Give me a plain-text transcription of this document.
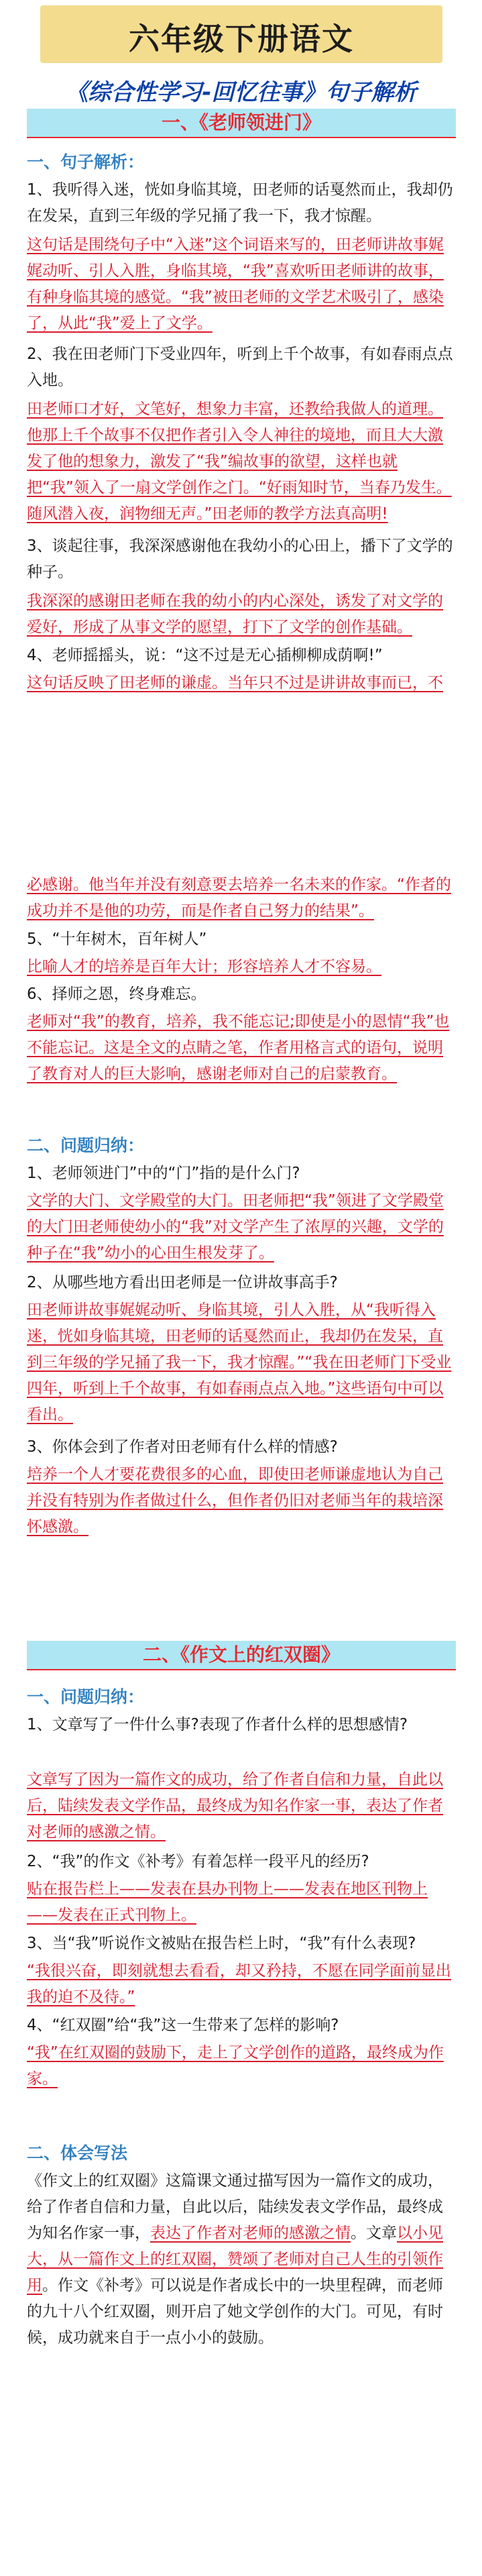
六年级下册语文
《综合性学习-回忆往事》句子解析
一、《老师领进门》
一、句子解析：
1、我听得入迷，恍如身临其境，田老师的话戛然而止，我却仍在发呆，直到三年级的学兄捅了我一下，我才惊醒。
这句话是围绕句子中“入迷”这个词语来写的，田老师讲故事娓娓动听、引人入胜，身临其境，“我”喜欢听田老师讲的故事，有种身临其境的感觉。“我”被田老师的文学艺术吸引了，感染了，从此“我”爱上了文学。
2、我在田老师门下受业四年，听到上千个故事，有如春雨点点入地。
田老师口才好，文笔好，想象力丰富，还教给我做人的道理。他那上千个故事不仅把作者引入令人神往的境地，而且大大激发了他的想象力，激发了“我”编故事的欲望，这样也就把“我”领入了一扇文学创作之门。“好雨知时节，当春乃发生。随风潜入夜，润物细无声。”田老师的教学方法真高明!
3、谈起往事，我深深感谢他在我幼小的心田上，播下了文学的种子。
我深深的感谢田老师在我的幼小的内心深处，诱发了对文学的爱好，形成了从事文学的愿望，打下了文学的创作基础。
4、老师摇摇头，说：“这不过是无心插柳柳成荫啊!”
这句话反映了田老师的谦虚。当年只不过是讲讲故事而已，不
必感谢。他当年并没有刻意要去培养一名未来的作家。“作者的成功并不是他的功劳，而是作者自己努力的结果”。
5、“十年树木，百年树人”
比喻人才的培养是百年大计；形容培养人才不容易。
6、择师之恩，终身难忘。
老师对“我”的教育，培养，我不能忘记;即使是小的恩情“我”也不能忘记。这是全文的点睛之笔，作者用格言式的语句，说明了教育对人的巨大影响，感谢老师对自己的启蒙教育。
二、问题归纳：
1、老师领进门”中的“门”指的是什么门?
文学的大门、文学殿堂的大门。田老师把“我”领进了文学殿堂的大门田老师使幼小的“我”对文学产生了浓厚的兴趣，文学的种子在“我”幼小的心田生根发芽了。
2、从哪些地方看出田老师是一位讲故事高手?
田老师讲故事娓娓动听、身临其境，引人入胜，从“我听得入迷，恍如身临其境，田老师的话戛然而止，我却仍在发呆，直到三年级的学兄捅了我一下，我才惊醒。”“我在田老师门下受业四年，听到上千个故事，有如春雨点点入地。”这些语句中可以看出。
3、你体会到了作者对田老师有什么样的情感?
培养一个人才要花费很多的心血，即使田老师谦虚地认为自己并没有特别为作者做过什么，但作者仍旧对老师当年的栽培深怀感激。
二、《作文上的红双圈》
一、问题归纳：
1、文章写了一件什么事?表现了作者什么样的思想感情?
文章写了因为一篇作文的成功，给了作者自信和力量，自此以后，陆续发表文学作品，最终成为知名作家一事，表达了作者对老师的感激之情。
2、“我”的作文《补考》有着怎样一段平凡的经历?
贴在报告栏上——发表在县办刊物上——发表在地区刊物上——发表在正式刊物上。
3、当“我”听说作文被贴在报告栏上时，“我”有什么表现?
“我很兴奋，即刻就想去看看，却又矜持，不愿在同学面前显出我的迫不及待。”
4、“红双圈”给“我”这一生带来了怎样的影响?
“我”在红双圈的鼓励下，走上了文学创作的道路，最终成为作家。
二、体会写法
《作文上的红双圈》这篇课文通过描写因为一篇作文的成功，给了作者自信和力量，自此以后，陆续发表文学作品，最终成为知名作家一事，表达了作者对老师的感激之情。文章以小见大，从一篇作文上的红双圈，赞颂了老师对自己人生的引领作用。作文《补考》可以说是作者成长中的一块里程碑，而老师的九十八个红双圈，则开启了她文学创作的大门。可见，有时候，成功就来自于一点小小的鼓励。
